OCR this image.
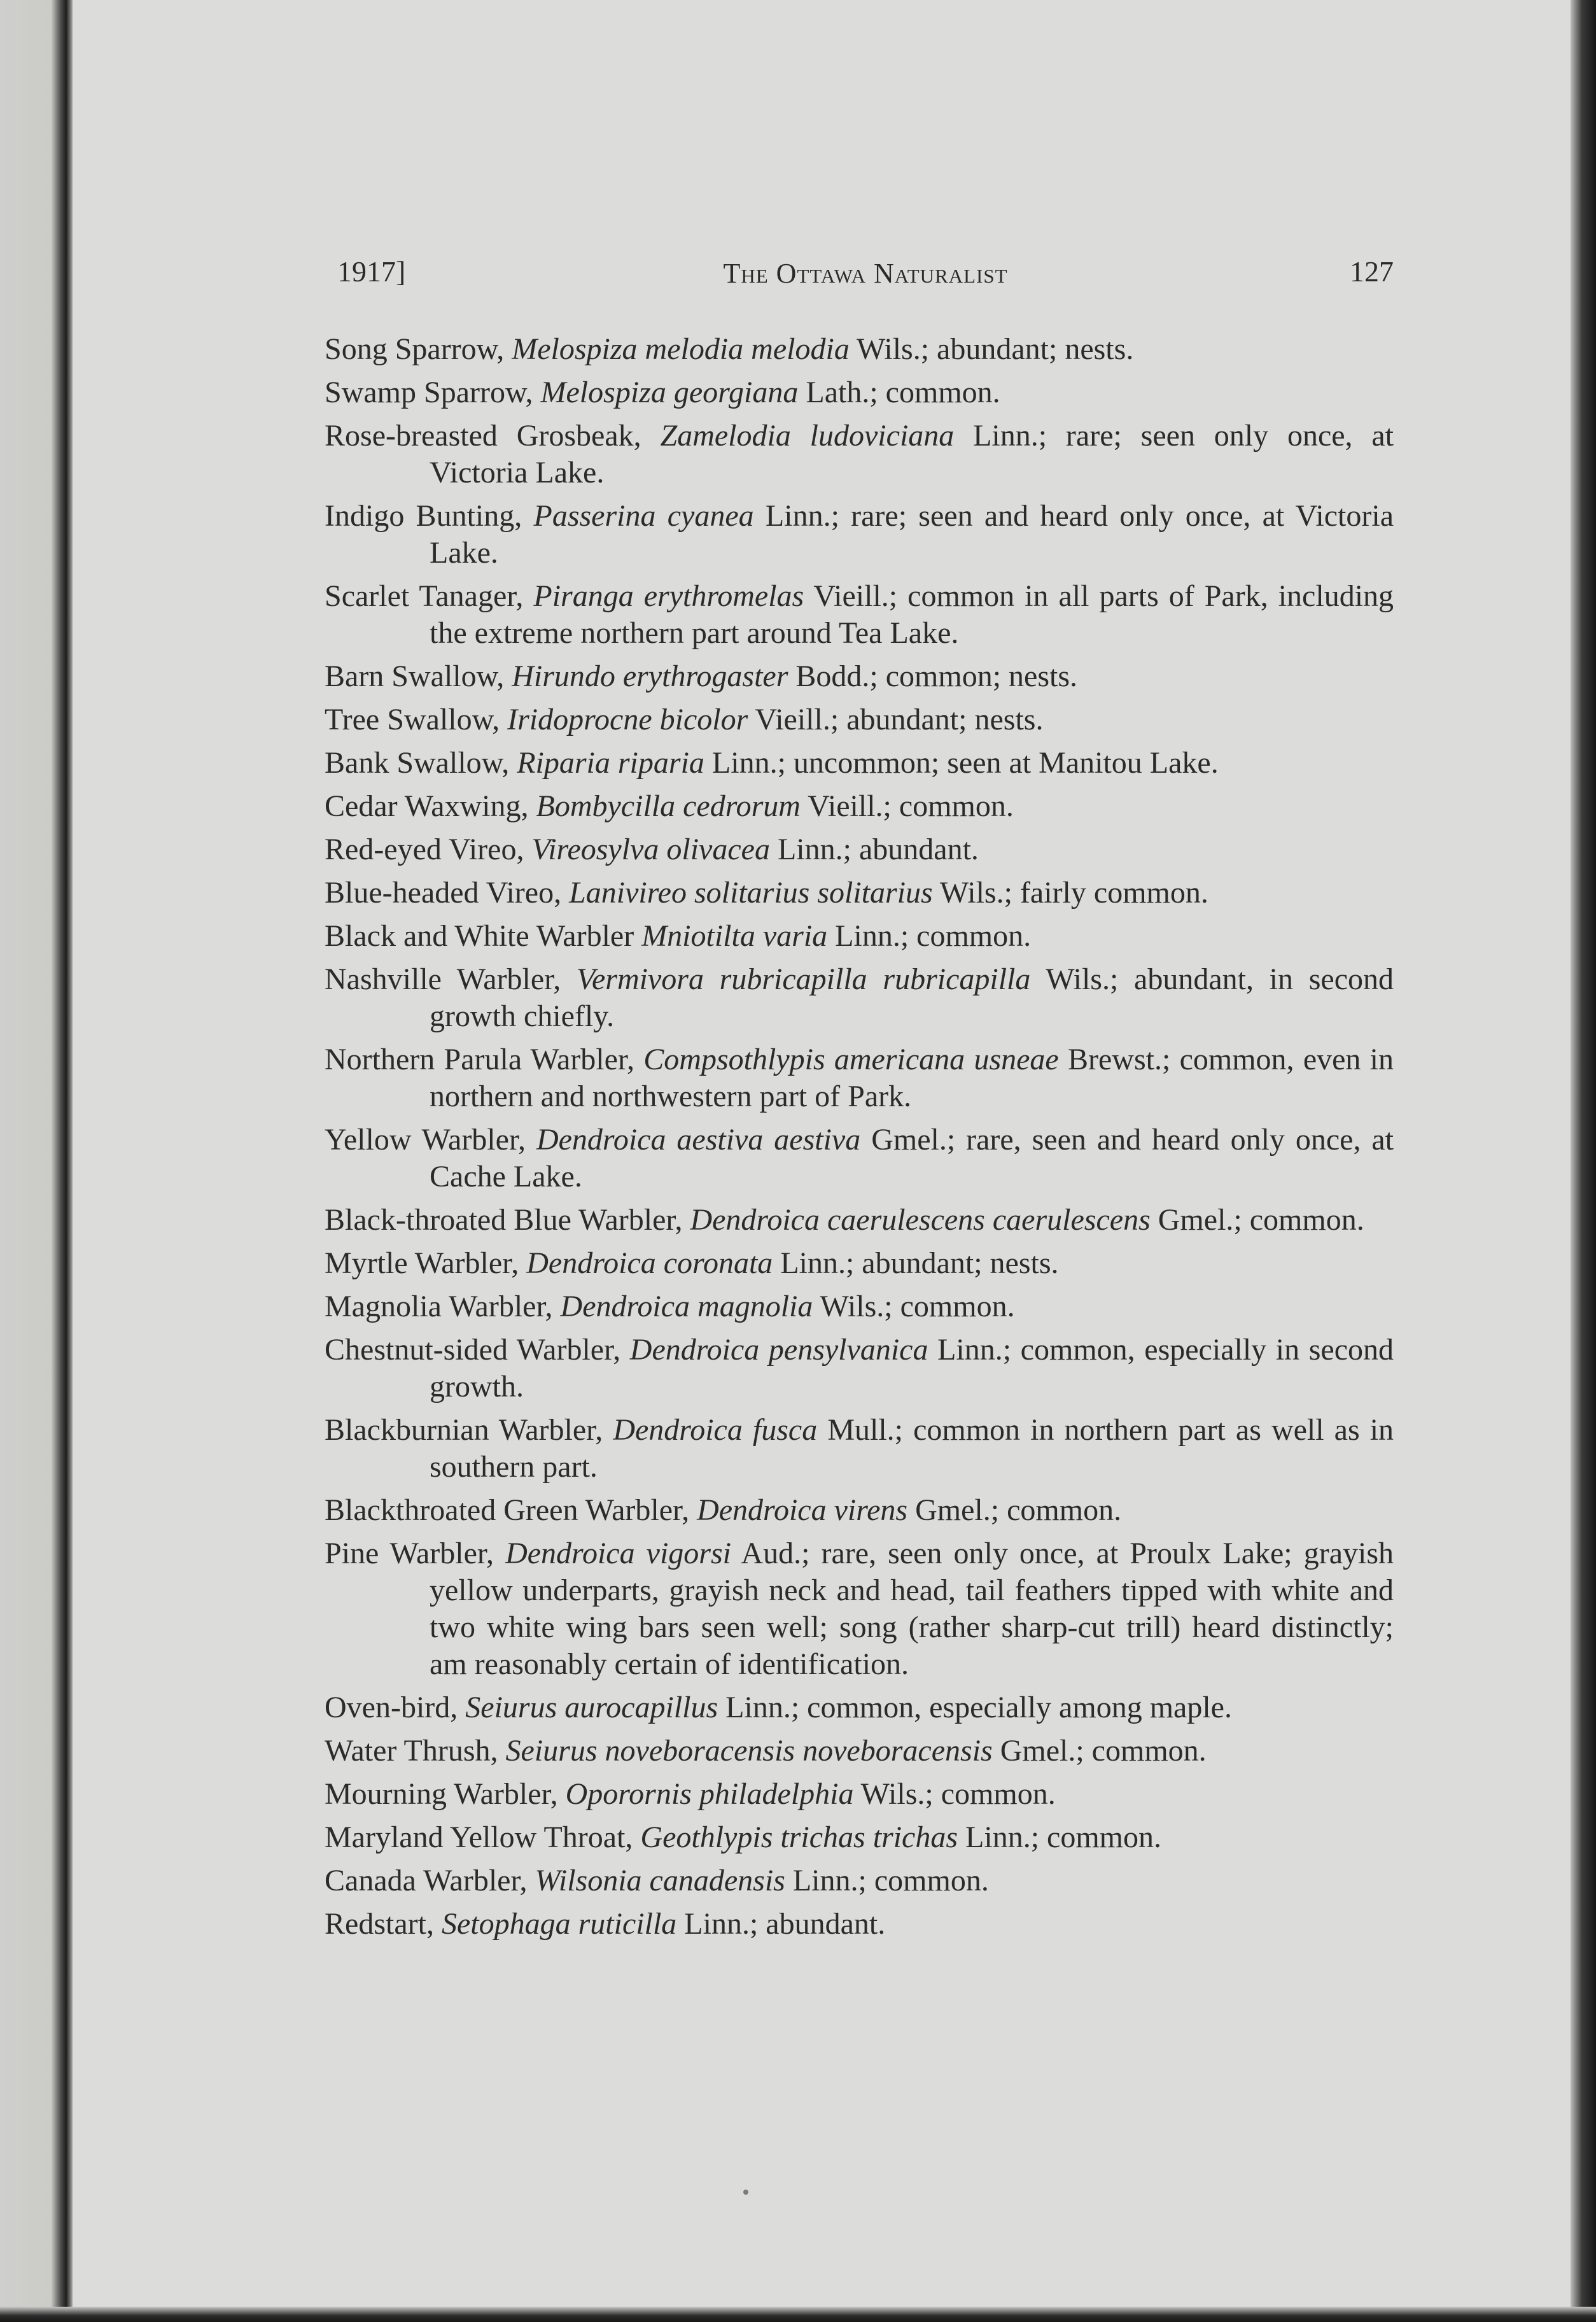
1917]	The Ottawa Naturalist	127

Song Sparrow, Melospiza melodia melodia Wils.; abundant; nests.

Swamp Sparrow, Melospiza georgiana Lath.; common.

Rose-breasted Grosbeak, Zamelodia ludoviciana Linn.; rare; seen only once, at Victoria Lake.

Indigo Bunting, Passerina cyanea Linn.; rare; seen and heard only once, at Victoria Lake.

Scarlet Tanager, Piranga erythromelas Vieill.; common in all parts of Park, including the extreme northern part around Tea Lake.

Barn Swallow, Hirundo erythrogaster Bodd.; common; nests.

Tree Swallow, Iridoprocne bicolor Vieill.; abundant; nests.

Bank Swallow, Riparia riparia Linn.; uncommon; seen at Manitou Lake.

Cedar Waxwing, Bombycilla cedrorum Vieill.; common.

Red-eyed Vireo, Vireosylva olivacea Linn.; abundant.

Blue-headed Vireo, Lanivireo solitarius solitarius Wils.; fairly common.

Black and White Warbler Mniotilta varia Linn.; common.

Nashville Warbler, Vermivora rubricapilla rubricapilla Wils.; abundant, in second growth chiefly.

Northern Parula Warbler, Compsothlypis americana usneae Brewst.; common, even in northern and northwestern part of Park.

Yellow Warbler, Dendroica aestiva aestiva Gmel.; rare, seen and heard only once, at Cache Lake.

Black-throated Blue Warbler, Dendroica caerulescens caerulescens Gmel.; common.

Myrtle Warbler, Dendroica coronata Linn.; abundant; nests.

Magnolia Warbler, Dendroica magnolia Wils.; common.

Chestnut-sided Warbler, Dendroica pensylvanica Linn.; common, especially in second growth.

Blackburnian Warbler, Dendroica fusca Mull.; common in northern part as well as in southern part.

Blackthroated Green Warbler, Dendroica virens Gmel.; common.

Pine Warbler, Dendroica vigorsi Aud.; rare, seen only once, at Proulx Lake; grayish yellow underparts, grayish neck and head, tail feathers tipped with white and two white wing bars seen well; song (rather sharp-cut trill) heard distinctly; am reasonably certain of identification.

Oven-bird, Seiurus aurocapillus Linn.; common, especially among maple.

Water Thrush, Seiurus noveboracensis noveboracensis Gmel.; common.

Mourning Warbler, Oporornis philadelphia Wils.; common.

Maryland Yellow Throat, Geothlypis trichas trichas Linn.; common.

Canada Warbler, Wilsonia canadensis Linn.; common.

Redstart, Setophaga ruticilla Linn.; abundant.
